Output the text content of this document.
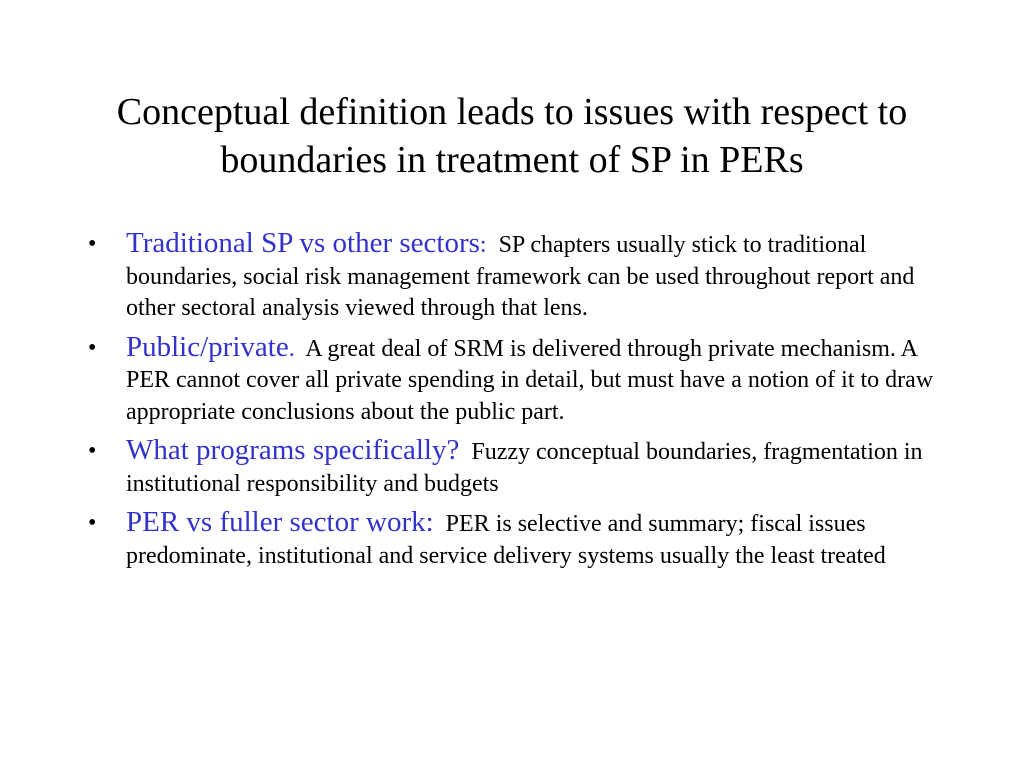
Conceptual definition leads to issues with respect to boundaries in treatment of SP in PERs
• Traditional SP vs other sectors: SP chapters usually stick to traditional boundaries, social risk management framework can be used throughout report and other sectoral analysis viewed through that lens.
• Public/private. A great deal of SRM is delivered through private mechanism. A PER cannot cover all private spending in detail, but must have a notion of it to draw appropriate conclusions about the public part.
• What programs specifically? Fuzzy conceptual boundaries, fragmentation in institutional responsibility and budgets
• PER vs fuller sector work: PER is selective and summary; fiscal issues predominate, institutional and service delivery systems usually the least treated
